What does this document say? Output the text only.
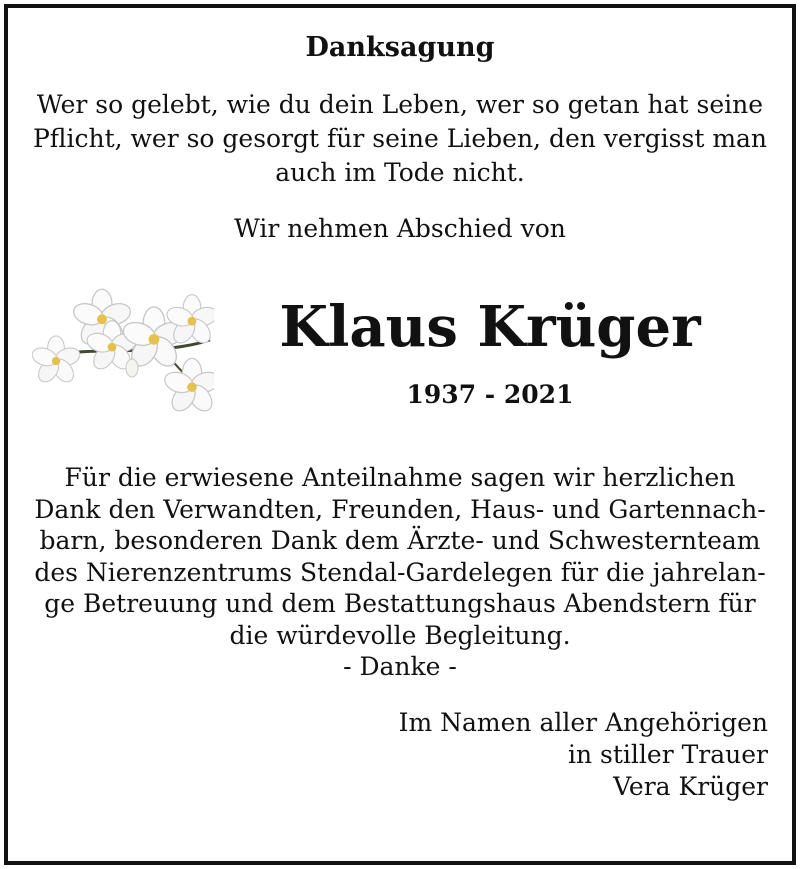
Danksagung
Wer so gelebt, wie du dein Leben, wer so getan hat seine
Pflicht, wer so gesorgt für seine Lieben, den vergisst man
auch im Tode nicht.
Wir nehmen Abschied von
Klaus Krüger
1937 - 2021
Für die erwiesene Anteilnahme sagen wir herzlichen
Dank den Verwandten, Freunden, Haus- und Gartennach-
barn, besonderen Dank dem Ärzte- und Schwesternteam
des Nierenzentrums Stendal-Gardelegen für die jahrelan-
ge Betreuung und dem Bestattungshaus Abendstern für
die würdevolle Begleitung.
- Danke -
Im Namen aller Angehörigen
in stiller Trauer
Vera Krüger
